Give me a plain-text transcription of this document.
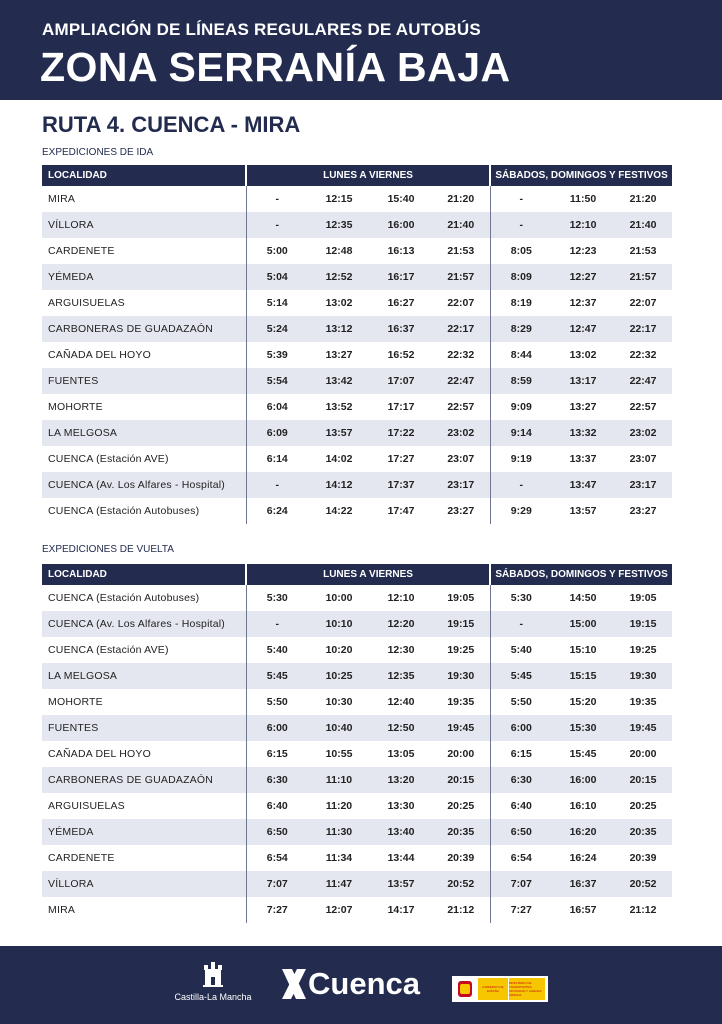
AMPLIACIÓN DE LÍNEAS REGULARES DE AUTOBÚS
ZONA SERRANÍA BAJA
RUTA 4. CUENCA - MIRA
EXPEDICIONES DE IDA
LOCALIDAD	LUNES A VIERNES				SÁBADOS, DOMINGOS Y FESTIVOS		
MIRA	-	12:15	15:40	21:20	-	11:50	21:20
VÍLLORA	-	12:35	16:00	21:40	-	12:10	21:40
CARDENETE	5:00	12:48	16:13	21:53	8:05	12:23	21:53
YÉMEDA	5:04	12:52	16:17	21:57	8:09	12:27	21:57
ARGUISUELAS	5:14	13:02	16:27	22:07	8:19	12:37	22:07
CARBONERAS DE GUADAZAÓN	5:24	13:12	16:37	22:17	8:29	12:47	22:17
CAÑADA DEL HOYO	5:39	13:27	16:52	22:32	8:44	13:02	22:32
FUENTES	5:54	13:42	17:07	22:47	8:59	13:17	22:47
MOHORTE	6:04	13:52	17:17	22:57	9:09	13:27	22:57
LA MELGOSA	6:09	13:57	17:22	23:02	9:14	13:32	23:02
CUENCA (Estación AVE)	6:14	14:02	17:27	23:07	9:19	13:37	23:07
CUENCA (Av. Los Alfares - Hospital)	-	14:12	17:37	23:17	-	13:47	23:17
CUENCA (Estación Autobuses)	6:24	14:22	17:47	23:27	9:29	13:57	23:27
EXPEDICIONES DE VUELTA
LOCALIDAD	LUNES A VIERNES				SÁBADOS, DOMINGOS Y FESTIVOS		
CUENCA (Estación Autobuses)	5:30	10:00	12:10	19:05	5:30	14:50	19:05
CUENCA (Av. Los Alfares - Hospital)	-	10:10	12:20	19:15	-	15:00	19:15
CUENCA (Estación AVE)	5:40	10:20	12:30	19:25	5:40	15:10	19:25
LA MELGOSA	5:45	10:25	12:35	19:30	5:45	15:15	19:30
MOHORTE	5:50	10:30	12:40	19:35	5:50	15:20	19:35
FUENTES	6:00	10:40	12:50	19:45	6:00	15:30	19:45
CAÑADA DEL HOYO	6:15	10:55	13:05	20:00	6:15	15:45	20:00
CARBONERAS DE GUADAZAÓN	6:30	11:10	13:20	20:15	6:30	16:00	20:15
ARGUISUELAS	6:40	11:20	13:30	20:25	6:40	16:10	20:25
YÉMEDA	6:50	11:30	13:40	20:35	6:50	16:20	20:35
CARDENETE	6:54	11:34	13:44	20:39	6:54	16:24	20:39
VÍLLORA	7:07	11:47	13:57	20:52	7:07	16:37	20:52
MIRA	7:27	12:07	14:17	21:12	7:27	16:57	21:12
Castilla-La Mancha Cuenca	GOBIERNO DE ESPAÑA
MINISTERIO DE TRANSPORTES, MOVILIDAD Y AGENDA URBANA
